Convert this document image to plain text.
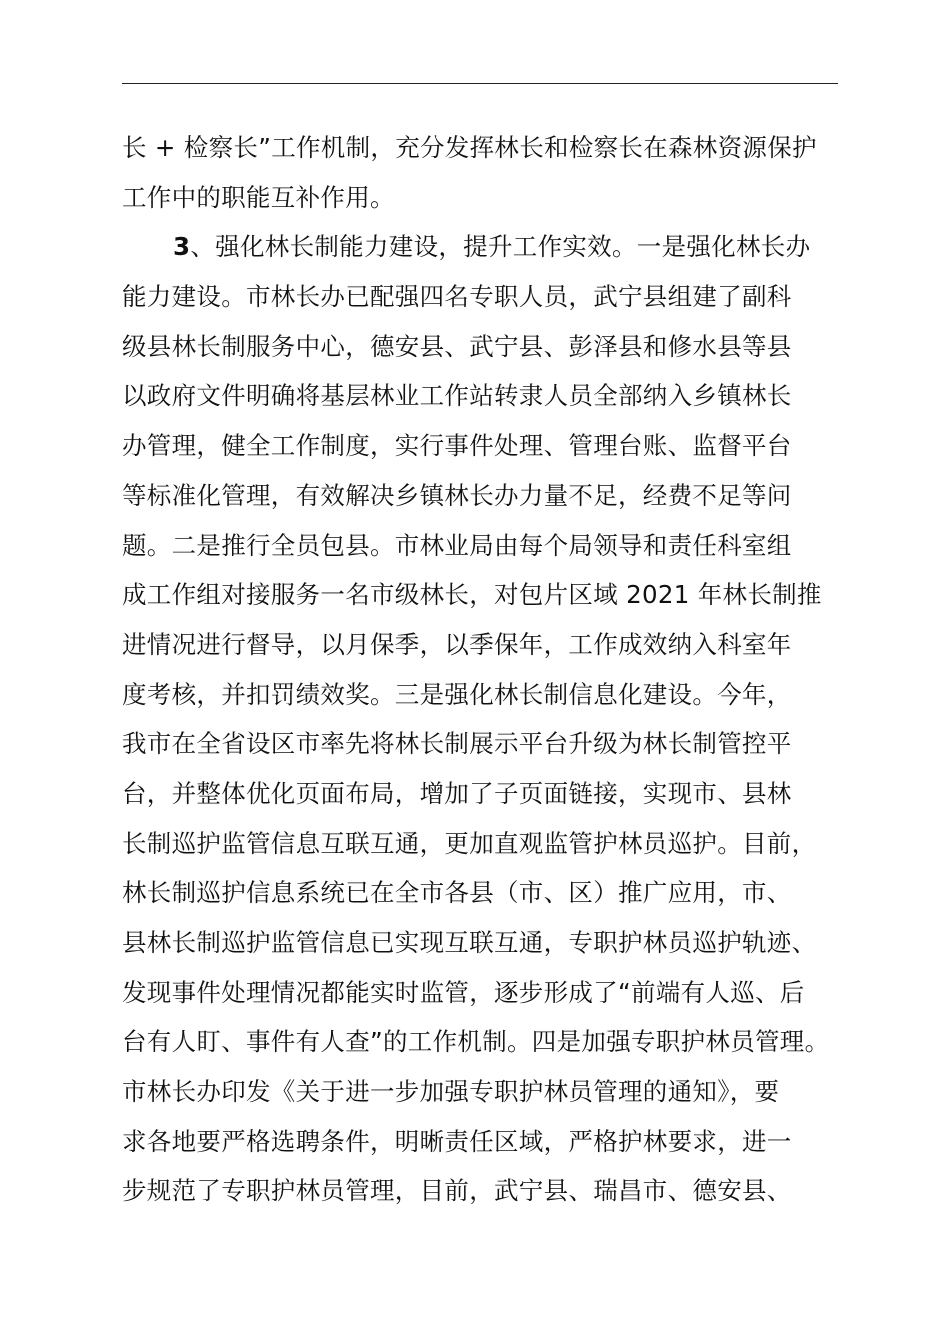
长 + 检察长”工作机制，充分发挥林长和检察长在森林资源保护
工作中的职能互补作用。
3、强化林长制能力建设，提升工作实效。一是强化林长办
能力建设。市林长办已配强四名专职人员，武宁县组建了副科
级县林长制服务中心，德安县、武宁县、彭泽县和修水县等县
以政府文件明确将基层林业工作站转隶人员全部纳入乡镇林长
办管理，健全工作制度，实行事件处理、管理台账、监督平台
等标准化管理，有效解决乡镇林长办力量不足，经费不足等问
题。二是推行全员包县。市林业局由每个局领导和责任科室组
成工作组对接服务一名市级林长，对包片区域 2021 年林长制推
进情况进行督导，以月保季，以季保年，工作成效纳入科室年
度考核，并扣罚绩效奖。三是强化林长制信息化建设。今年，
我市在全省设区市率先将林长制展示平台升级为林长制管控平
台，并整体优化页面布局，增加了子页面链接，实现市、县林
长制巡护监管信息互联互通，更加直观监管护林员巡护。目前，
林长制巡护信息系统已在全市各县（市、区）推广应用，市、
县林长制巡护监管信息已实现互联互通，专职护林员巡护轨迹、
发现事件处理情况都能实时监管，逐步形成了“前端有人巡、后
台有人盯、事件有人查”的工作机制。四是加强专职护林员管理。
市林长办印发《关于进一步加强专职护林员管理的通知》，要
求各地要严格选聘条件，明晰责任区域，严格护林要求，进一
步规范了专职护林员管理，目前，武宁县、瑞昌市、德安县、
